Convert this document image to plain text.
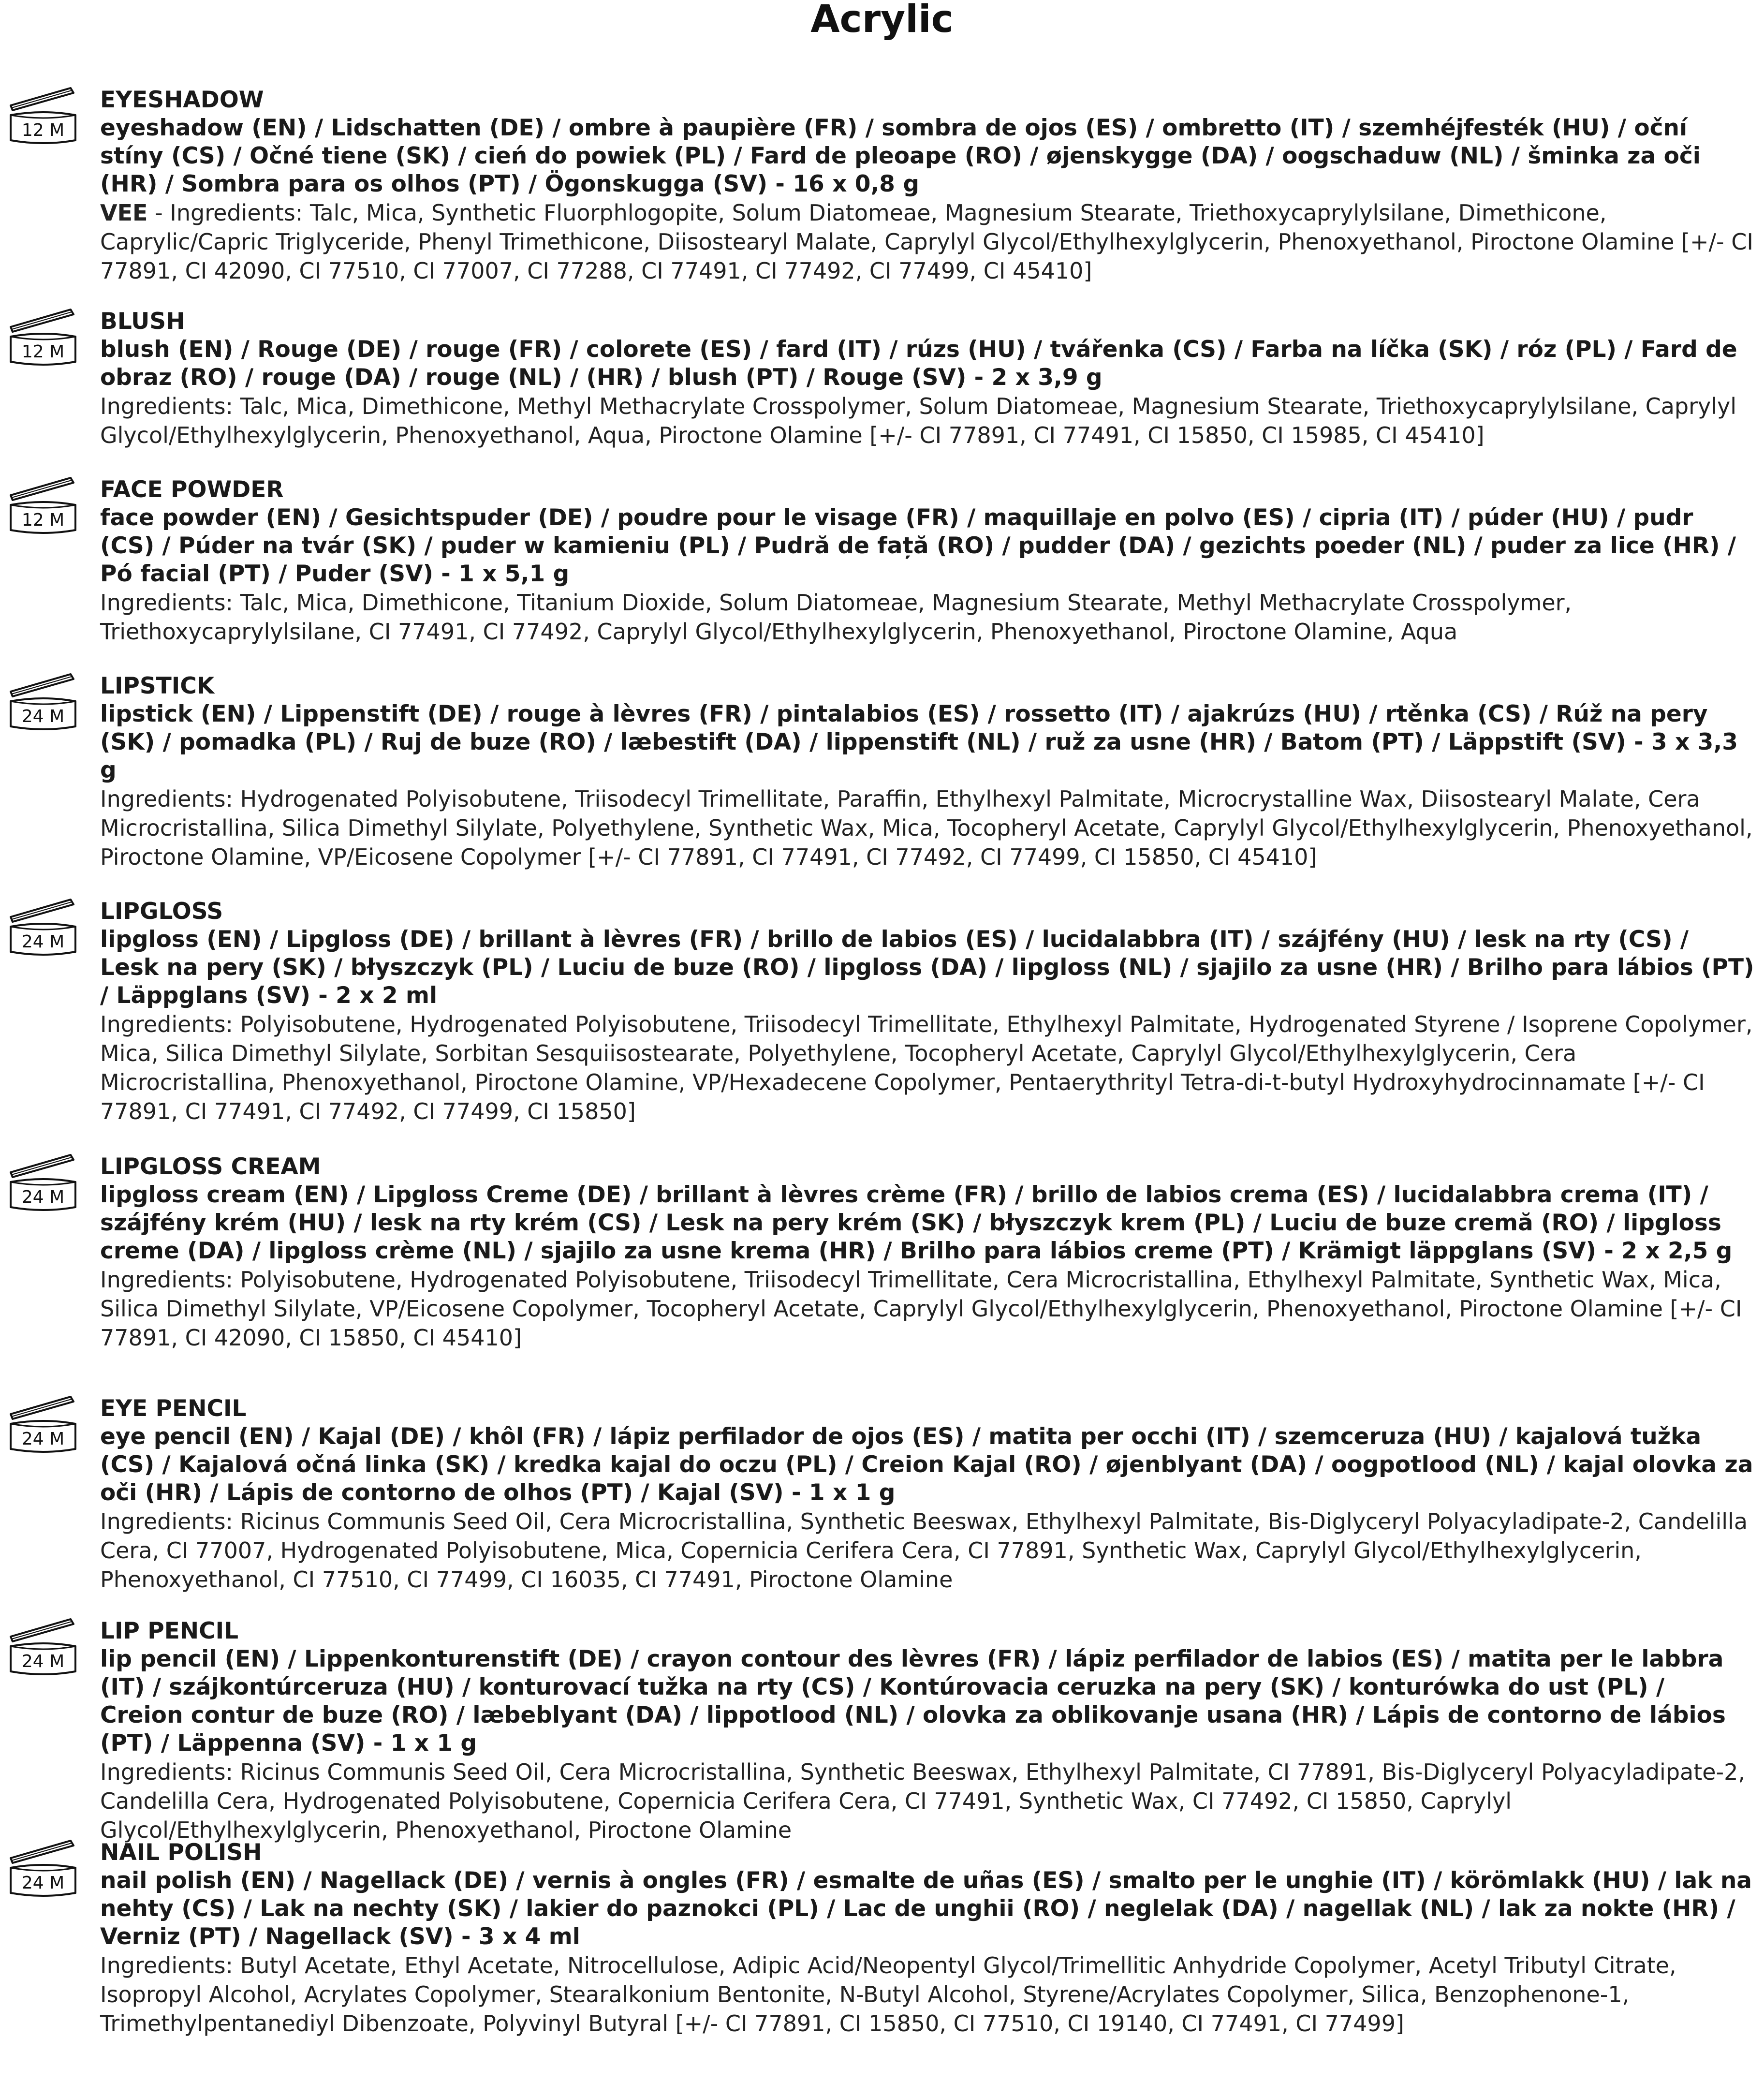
Acrylic
12 M
EYESHADOW
eyeshadow (EN) / Lidschatten (DE) / ombre à paupière (FR) / sombra de ojos (ES) / ombretto (IT) / szemhéjfesték (HU) / oční stíny (CS) / Očné tiene (SK) / cień do powiek (PL) / Fard de pleoape (RO) / øjenskygge (DA) / oogschaduw (NL) / šminka za oči (HR) / Sombra para os olhos (PT) / Ögonskugga (SV) - 16 x 0,8 g
VEE - Ingredients: Talc, Mica, Synthetic Fluorphlogopite, Solum Diatomeae, Magnesium Stearate, Triethoxycaprylylsilane, Dimethicone, Caprylic/Capric Triglyceride, Phenyl Trimethicone, Diisostearyl Malate, Caprylyl Glycol/Ethylhexylglycerin, Phenoxyethanol, Piroctone Olamine [+/- CI 77891, CI 42090, CI 77510, CI 77007, CI 77288, CI 77491, CI 77492, CI 77499, CI 45410]
12 M
BLUSH
blush (EN) / Rouge (DE) / rouge (FR) / colorete (ES) / fard (IT) / rúzs (HU) / tvářenka (CS) / Farba na líčka (SK) / róz (PL) / Fard de obraz (RO) / rouge (DA) / rouge (NL) / (HR) / blush (PT) / Rouge (SV) - 2 x 3,9 g
Ingredients: Talc, Mica, Dimethicone, Methyl Methacrylate Crosspolymer, Solum Diatomeae, Magnesium Stearate, Triethoxycaprylylsilane, Caprylyl Glycol/Ethylhexylglycerin, Phenoxyethanol, Aqua, Piroctone Olamine [+/- CI 77891, CI 77491, CI 15850, CI 15985, CI 45410]
12 M
FACE POWDER
face powder (EN) / Gesichtspuder (DE) / poudre pour le visage (FR) / maquillaje en polvo (ES) / cipria (IT) / púder (HU) / pudr (CS) / Púder na tvár (SK) / puder w kamieniu (PL) / Pudră de față (RO) / pudder (DA) / gezichts poeder (NL) / puder za lice (HR) / Pó facial (PT) / Puder (SV) - 1 x 5,1 g
Ingredients: Talc, Mica, Dimethicone, Titanium Dioxide, Solum Diatomeae, Magnesium Stearate, Methyl Methacrylate Crosspolymer, Triethoxycaprylylsilane, CI 77491, CI 77492, Caprylyl Glycol/Ethylhexylglycerin, Phenoxyethanol, Piroctone Olamine, Aqua
24 M
LIPSTICK
lipstick (EN) / Lippenstift (DE) / rouge à lèvres (FR) / pintalabios (ES) / rossetto (IT) / ajakrúzs (HU) / rtěnka (CS) / Rúž na pery (SK) / pomadka (PL) / Ruj de buze (RO) / læbestift (DA) / lippenstift (NL) / ruž za usne (HR) / Batom (PT) / Läppstift (SV) - 3 x 3,3 g
Ingredients: Hydrogenated Polyisobutene, Triisodecyl Trimellitate, Paraffin, Ethylhexyl Palmitate, Microcrystalline Wax, Diisostearyl Malate, Cera Microcristallina, Silica Dimethyl Silylate, Polyethylene, Synthetic Wax, Mica, Tocopheryl Acetate, Caprylyl Glycol/Ethylhexylglycerin, Phenoxyethanol, Piroctone Olamine, VP/Eicosene Copolymer [+/- CI 77891, CI 77491, CI 77492, CI 77499, CI 15850, CI 45410]
24 M
LIPGLOSS
lipgloss (EN) / Lipgloss (DE) / brillant à lèvres (FR) / brillo de labios (ES) / lucidalabbra (IT) / szájfény (HU) / lesk na rty (CS) / Lesk na pery (SK) / błyszczyk (PL) / Luciu de buze (RO) / lipgloss (DA) / lipgloss (NL) / sjajilo za usne (HR) / Brilho para lábios (PT) / Läppglans (SV) - 2 x 2 ml
Ingredients: Polyisobutene, Hydrogenated Polyisobutene, Triisodecyl Trimellitate, Ethylhexyl Palmitate, Hydrogenated Styrene / Isoprene Copolymer, Mica, Silica Dimethyl Silylate, Sorbitan Sesquiisostearate, Polyethylene, Tocopheryl Acetate, Caprylyl Glycol/Ethylhexylglycerin, Cera Microcristallina, Phenoxyethanol, Piroctone Olamine, VP/Hexadecene Copolymer, Pentaerythrityl Tetra-di-t-butyl Hydroxyhydrocinnamate [+/- CI 77891, CI 77491, CI 77492, CI 77499, CI 15850]
24 M
LIPGLOSS CREAM
lipgloss cream (EN) / Lipgloss Creme (DE) / brillant à lèvres crème (FR) / brillo de labios crema (ES) / lucidalabbra crema (IT) / szájfény krém (HU) / lesk na rty krém (CS) / Lesk na pery krém (SK) / błyszczyk krem (PL) / Luciu de buze cremă (RO) / lipgloss creme (DA) / lipgloss crème (NL) / sjajilo za usne krema (HR) / Brilho para lábios creme (PT) / Krämigt läppglans (SV) - 2 x 2,5 g
Ingredients: Polyisobutene, Hydrogenated Polyisobutene, Triisodecyl Trimellitate, Cera Microcristallina, Ethylhexyl Palmitate, Synthetic Wax, Mica, Silica Dimethyl Silylate, VP/Eicosene Copolymer, Tocopheryl Acetate, Caprylyl Glycol/Ethylhexylglycerin, Phenoxyethanol, Piroctone Olamine [+/- CI 77891, CI 42090, CI 15850, CI 45410]
24 M
EYE PENCIL
eye pencil (EN) / Kajal (DE) / khôl (FR) / lápiz perfilador de ojos (ES) / matita per occhi (IT) / szemceruza (HU) / kajalová tužka (CS) / Kajalová očná linka (SK) / kredka kajal do oczu (PL) / Creion Kajal (RO) / øjenblyant (DA) / oogpotlood (NL) / kajal olovka za oči (HR) / Lápis de contorno de olhos (PT) / Kajal (SV) - 1 x 1 g
Ingredients: Ricinus Communis Seed Oil, Cera Microcristallina, Synthetic Beeswax, Ethylhexyl Palmitate, Bis-Diglyceryl Polyacyladipate-2, Candelilla Cera, CI 77007, Hydrogenated Polyisobutene, Mica, Copernicia Cerifera Cera, CI 77891, Synthetic Wax, Caprylyl Glycol/Ethylhexylglycerin, Phenoxyethanol, CI 77510, CI 77499, CI 16035, CI 77491, Piroctone Olamine
24 M
LIP PENCIL
lip pencil (EN) / Lippenkonturenstift (DE) / crayon contour des lèvres (FR) / lápiz perfilador de labios (ES) / matita per le labbra (IT) / szájkontúrceruza (HU) / konturovací tužka na rty (CS) / Kontúrovacia ceruzka na pery (SK) / konturówka do ust (PL) / Creion contur de buze (RO) / læbeblyant (DA) / lippotlood (NL) / olovka za oblikovanje usana (HR) / Lápis de contorno de lábios (PT) / Läppenna (SV) - 1 x 1 g
Ingredients: Ricinus Communis Seed Oil, Cera Microcristallina, Synthetic Beeswax, Ethylhexyl Palmitate, CI 77891, Bis-Diglyceryl Polyacyladipate-2, Candelilla Cera, Hydrogenated Polyisobutene, Copernicia Cerifera Cera, CI 77491, Synthetic Wax, CI 77492, CI 15850, Caprylyl Glycol/Ethylhexylglycerin, Phenoxyethanol, Piroctone Olamine
24 M
NAIL POLISH
nail polish (EN) / Nagellack (DE) / vernis à ongles (FR) / esmalte de uñas (ES) / smalto per le unghie (IT) / körömlakk (HU) / lak na nehty (CS) / Lak na nechty (SK) / lakier do paznokci (PL) / Lac de unghii (RO) / neglelak (DA) / nagellak (NL) / lak za nokte (HR) / Verniz (PT) / Nagellack (SV) - 3 x 4 ml
Ingredients: Butyl Acetate, Ethyl Acetate, Nitrocellulose, Adipic Acid/Neopentyl Glycol/Trimellitic Anhydride Copolymer, Acetyl Tributyl Citrate, Isopropyl Alcohol, Acrylates Copolymer, Stearalkonium Bentonite, N-Butyl Alcohol, Styrene/Acrylates Copolymer, Silica, Benzophenone-1, Trimethylpentanediyl Dibenzoate, Polyvinyl Butyral [+/- CI 77891, CI 15850, CI 77510, CI 19140, CI 77491, CI 77499]
